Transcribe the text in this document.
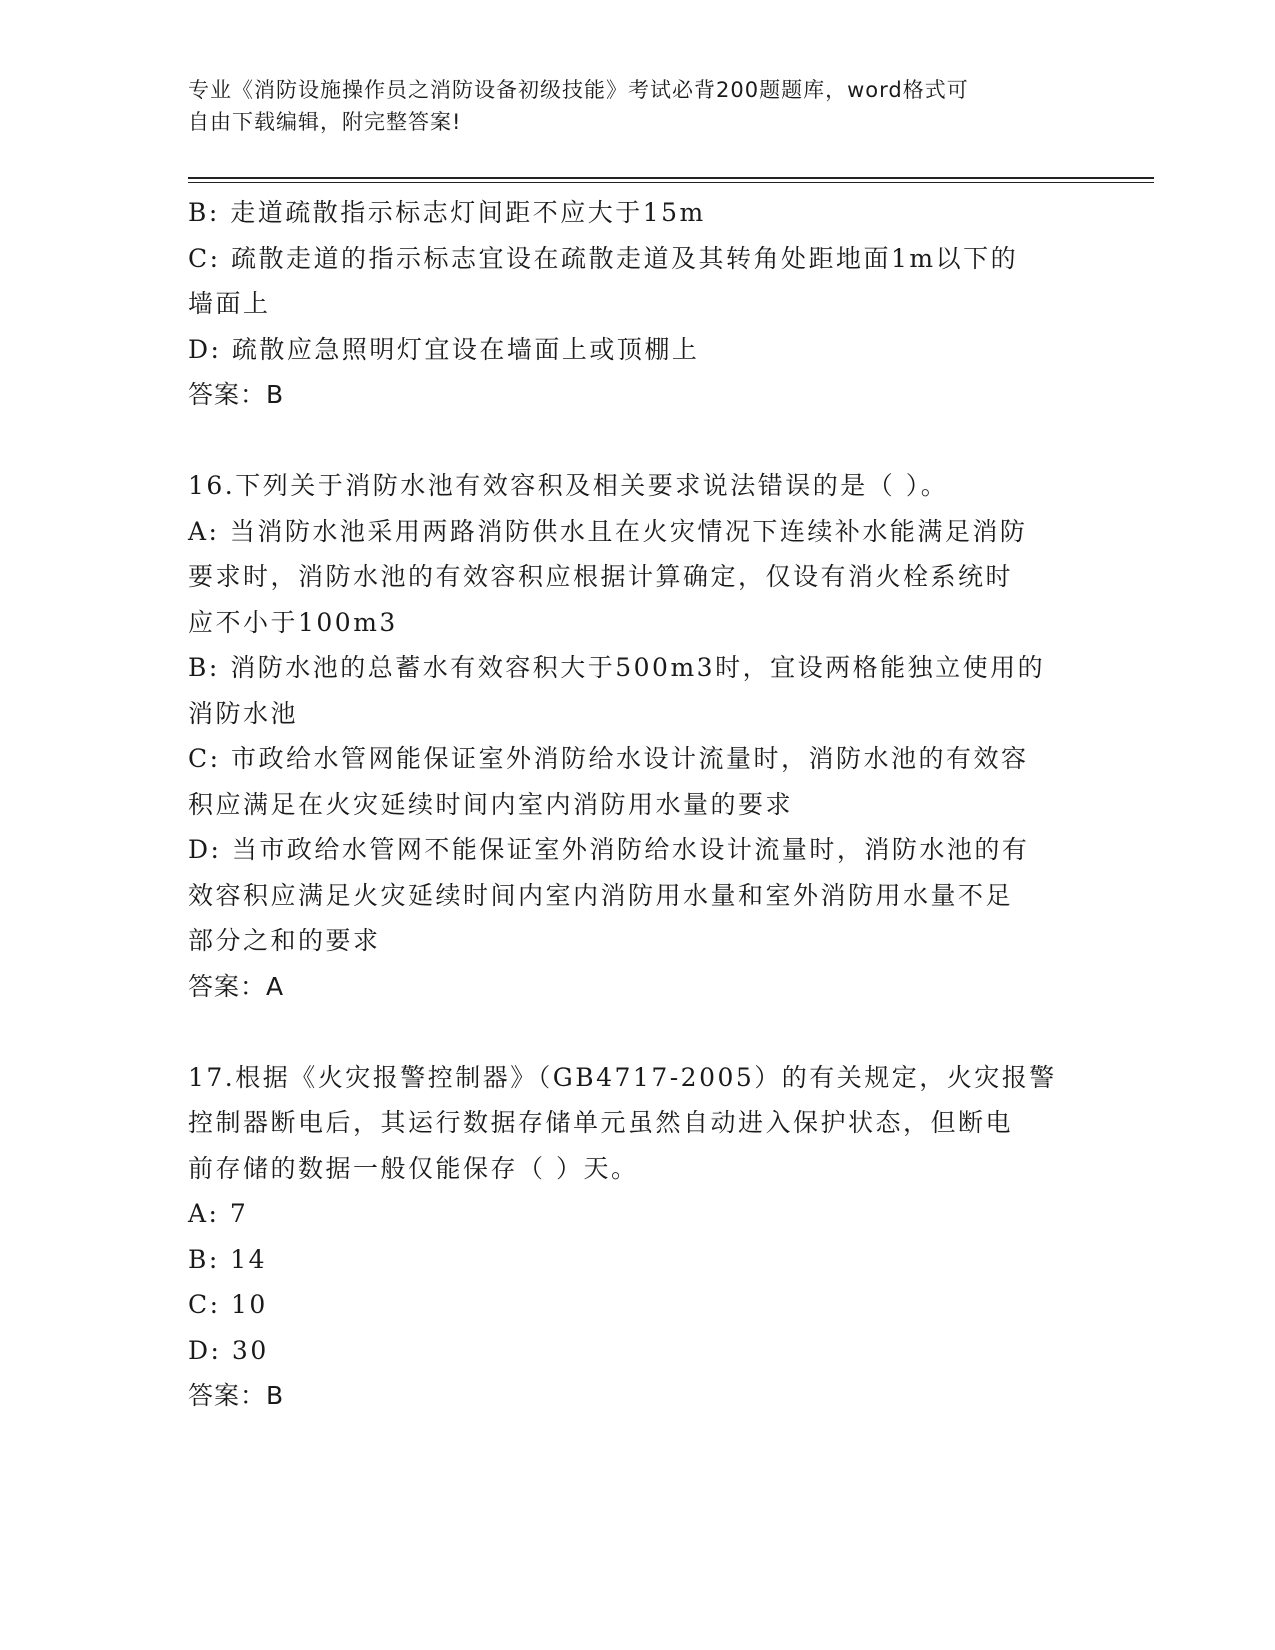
专业《消防设施操作员之消防设备初级技能》考试必背200题题库，word格式可
自由下载编辑，附完整答案!
B: 走道疏散指示标志灯间距不应大于15m
C: 疏散走道的指示标志宜设在疏散走道及其转角处距地面1m以下的
墙面上
D: 疏散应急照明灯宜设在墙面上或顶棚上
答案：B
16.下列关于消防水池有效容积及相关要求说法错误的是（ ）。
A: 当消防水池采用两路消防供水且在火灾情况下连续补水能满足消防
要求时，消防水池的有效容积应根据计算确定，仅设有消火栓系统时
应不小于100m3
B: 消防水池的总蓄水有效容积大于500m3时，宜设两格能独立使用的
消防水池
C: 市政给水管网能保证室外消防给水设计流量时，消防水池的有效容
积应满足在火灾延续时间内室内消防用水量的要求
D: 当市政给水管网不能保证室外消防给水设计流量时，消防水池的有
效容积应满足火灾延续时间内室内消防用水量和室外消防用水量不足
部分之和的要求
答案：A
17.根据《火灾报警控制器》（GB4717-2005）的有关规定，火灾报警
控制器断电后，其运行数据存储单元虽然自动进入保护状态，但断电
前存储的数据一般仅能保存（ ）天。
A: 7
B: 14
C: 10
D: 30
答案：B
